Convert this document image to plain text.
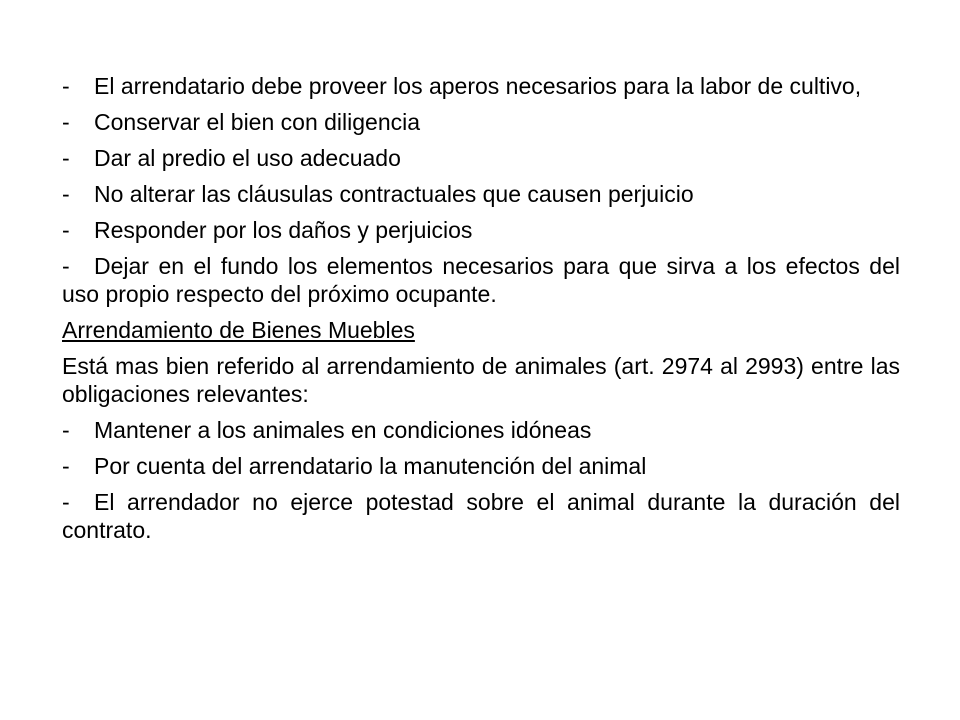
- El arrendatario debe proveer los aperos necesarios para la labor de cultivo,

- Conservar el bien con diligencia

- Dar al predio el uso adecuado

- No alterar las cláusulas contractuales que causen perjuicio

- Responder por los daños y perjuicios

- Dejar en el fundo los elementos necesarios para que sirva a los efectos del uso propio respecto del próximo ocupante.

Arrendamiento de Bienes Muebles

Está mas bien referido al arrendamiento de animales (art. 2974 al 2993) entre las obligaciones relevantes:

- Mantener a los animales en condiciones idóneas

- Por cuenta del arrendatario la manutención del animal

- El arrendador no ejerce potestad sobre el animal durante la duración del contrato.
